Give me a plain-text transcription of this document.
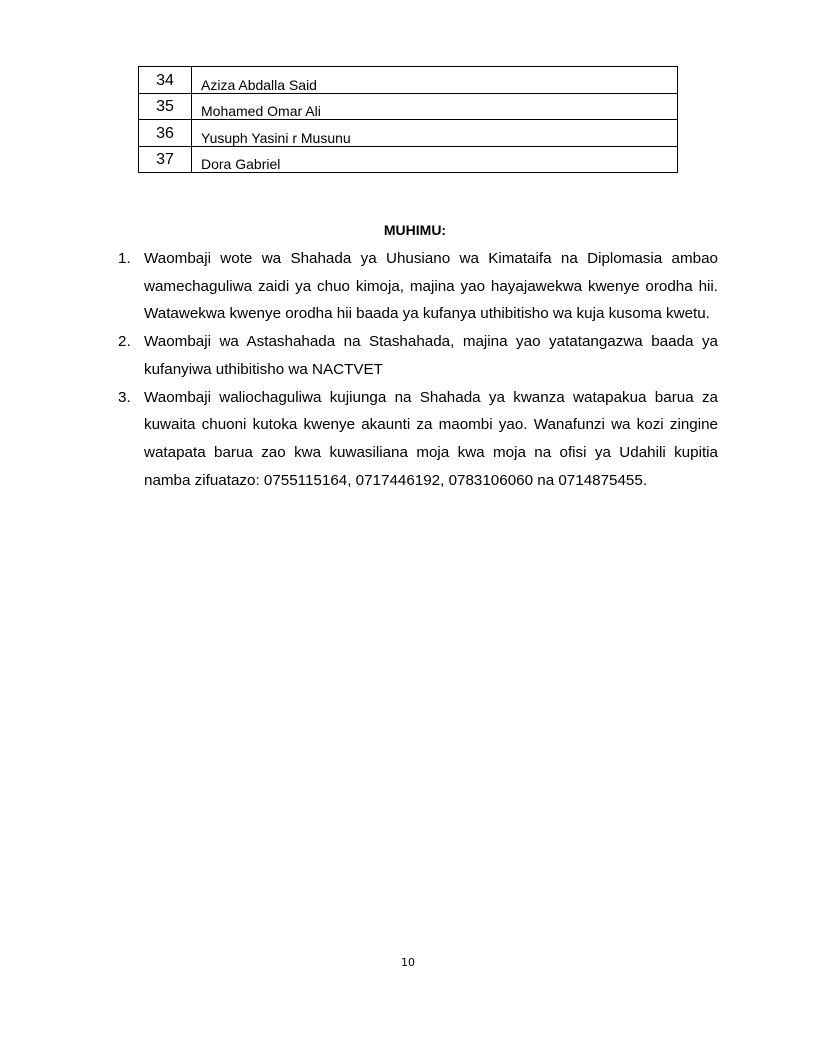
34	Aziza Abdalla Said
35	Mohamed Omar Ali
36	Yusuph Yasini r Musunu
37	Dora Gabriel
MUHIMU:
1. Waombaji wote wa Shahada ya Uhusiano wa Kimataifa na Diplomasia ambao wamechaguliwa zaidi ya chuo kimoja, majina yao hayajawekwa kwenye orodha hii. Watawekwa kwenye orodha hii baada ya kufanya uthibitisho wa kuja kusoma kwetu.
2. Waombaji wa Astashahada na Stashahada, majina yao yatatangazwa baada ya kufanyiwa uthibitisho wa NACTVET
3. Waombaji waliochaguliwa kujiunga na Shahada ya kwanza watapakua barua za kuwaita chuoni kutoka kwenye akaunti za maombi yao. Wanafunzi wa kozi zingine watapata barua zao kwa kuwasiliana moja kwa moja na ofisi ya Udahili kupitia namba zifuatazo: 0755115164, 0717446192, 0783106060 na 0714875455.
10
